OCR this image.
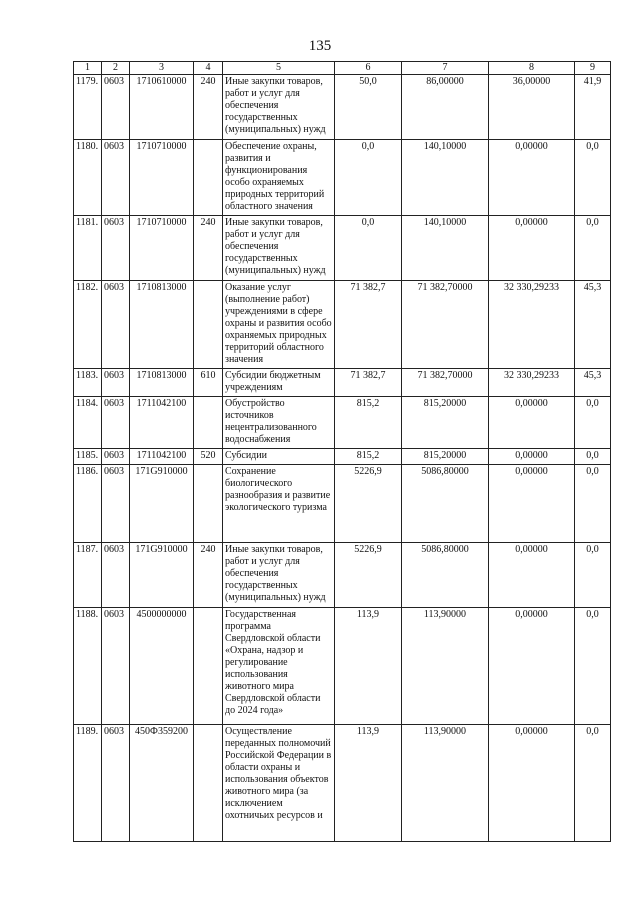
135
1	2	3	4	5	6	7	8	9
1179.	0603	1710610000	240	Иные закупки товаров, работ и услуг для обеспечения государственных (муниципальных) нужд	50,0	86,00000	36,00000	41,9
1180.	0603	1710710000		Обеспечение охраны, развития и функционирования особо охраняемых природных территорий областного значения	0,0	140,10000	0,00000	0,0
1181.	0603	1710710000	240	Иные закупки товаров, работ и услуг для обеспечения государственных (муниципальных) нужд	0,0	140,10000	0,00000	0,0
1182.	0603	1710813000		Оказание услуг (выполнение работ) учреждениями в сфере охраны и развития особо охраняемых природных территорий областного значения	71 382,7	71 382,70000	32 330,29233	45,3
1183.	0603	1710813000	610	Субсидии бюджетным учреждениям	71 382,7	71 382,70000	32 330,29233	45,3
1184.	0603	1711042100		Обустройство источников нецентрализованного водоснабжения	815,2	815,20000	0,00000	0,0
1185.	0603	1711042100	520	Субсидии	815,2	815,20000	0,00000	0,0
1186.	0603	171G910000		Сохранение биологического разнообразия и развитие экологического туризма	5226,9	5086,80000	0,00000	0,0
1187.	0603	171G910000	240	Иные закупки товаров, работ и услуг для обеспечения государственных (муниципальных) нужд	5226,9	5086,80000	0,00000	0,0
1188.	0603	4500000000		Государственная программа Свердловской области «Охрана, надзор и регулирование использования животного мира Свердловской области до 2024 года»	113,9	113,90000	0,00000	0,0
1189.	0603	450Ф359200		Осуществление переданных полномочий Российской Федерации в области охраны и использования объектов животного мира (за исключением охотничьих ресурсов и	113,9	113,90000	0,00000	0,0
